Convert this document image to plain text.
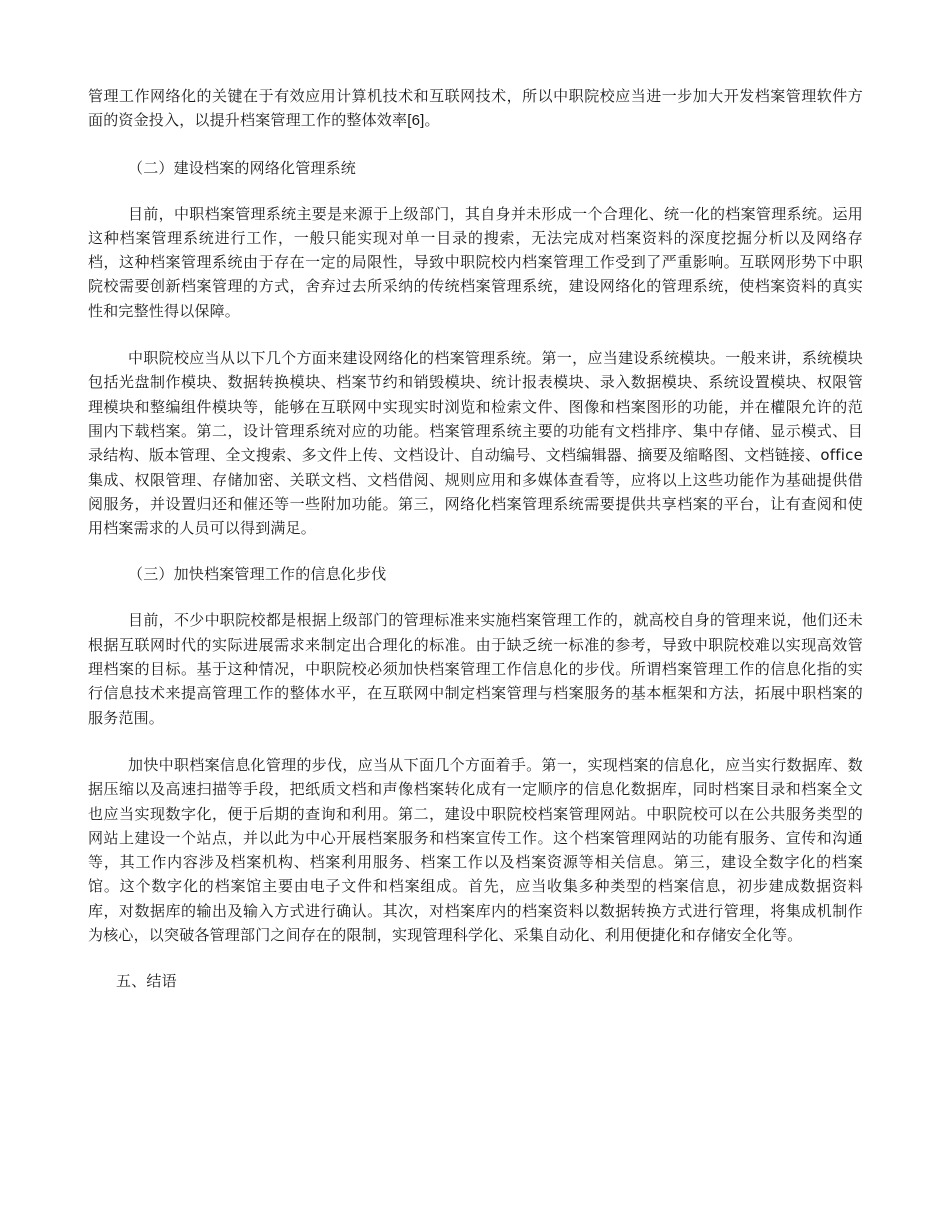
管理工作网络化的关键在于有效应用计算机技术和互联网技术，所以中职院校应当进一步加大开发档案管理软件方面的资金投入，以提升档案管理工作的整体效率[6]。

（二）建设档案的网络化管理系统

目前，中职档案管理系统主要是来源于上级部门，其自身并未形成一个合理化、统一化的档案管理系统。运用这种档案管理系统进行工作，一般只能实现对单一目录的搜索，无法完成对档案资料的深度挖掘分析以及网络存档，这种档案管理系统由于存在一定的局限性，导致中职院校内档案管理工作受到了严重影响。互联网形势下中职院校需要创新档案管理的方式，舍弃过去所采纳的传统档案管理系统，建设网络化的管理系统，使档案资料的真实性和完整性得以保障。

中职院校应当从以下几个方面来建设网络化的档案管理系统。第一，应当建设系统模块。一般来讲，系统模块包括光盘制作模块、数据转换模块、档案节约和销毁模块、统计报表模块、录入数据模块、系统设置模块、权限管理模块和整编组件模块等，能够在互联网中实现实时浏览和检索文件、图像和档案图形的功能，并在權限允许的范围内下载档案。第二，设计管理系统对应的功能。档案管理系统主要的功能有文档排序、集中存储、显示模式、目录结构、版本管理、全文搜索、多文件上传、文档设计、自动编号、文档编辑器、摘要及缩略图、文档链接、office集成、权限管理、存储加密、关联文档、文档借阅、规则应用和多媒体查看等，应将以上这些功能作为基础提供借阅服务，并设置归还和催还等一些附加功能。第三，网络化档案管理系统需要提供共享档案的平台，让有查阅和使用档案需求的人员可以得到满足。

（三）加快档案管理工作的信息化步伐

目前，不少中职院校都是根据上级部门的管理标准来实施档案管理工作的，就高校自身的管理来说，他们还未根据互联网时代的实际进展需求来制定出合理化的标准。由于缺乏统一标准的参考，导致中职院校难以实现高效管理档案的目标。基于这种情况，中职院校必须加快档案管理工作信息化的步伐。所谓档案管理工作的信息化指的实行信息技术来提高管理工作的整体水平，在互联网中制定档案管理与档案服务的基本框架和方法，拓展中职档案的服务范围。

加快中职档案信息化管理的步伐，应当从下面几个方面着手。第一，实现档案的信息化，应当实行数据库、数据压缩以及高速扫描等手段，把纸质文档和声像档案转化成有一定顺序的信息化数据库，同时档案目录和档案全文也应当实现数字化，便于后期的查询和利用。第二，建设中职院校档案管理网站。中职院校可以在公共服务类型的网站上建设一个站点，并以此为中心开展档案服务和档案宣传工作。这个档案管理网站的功能有服务、宣传和沟通等，其工作内容涉及档案机构、档案利用服务、档案工作以及档案资源等相关信息。第三，建设全数字化的档案馆。这个数字化的档案馆主要由电子文件和档案组成。首先，应当收集多种类型的档案信息，初步建成数据资料库，对数据库的输出及输入方式进行确认。其次，对档案库内的档案资料以数据转换方式进行管理，将集成机制作为核心，以突破各管理部门之间存在的限制，实现管理科学化、采集自动化、利用便捷化和存储安全化等。

五、结语
